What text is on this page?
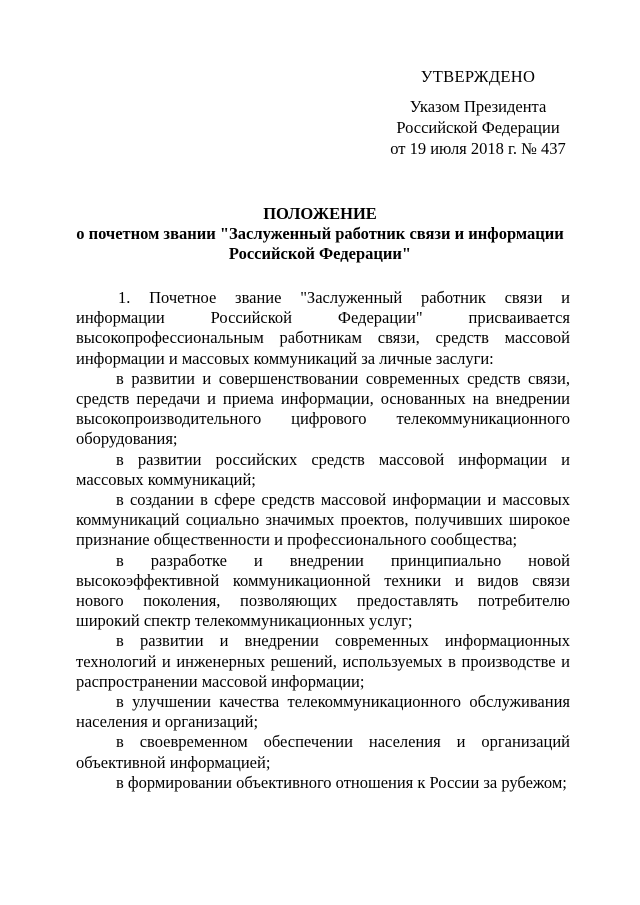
УТВЕРЖДЕНО
Указом Президента
Российской Федерации
от 19 июля 2018 г. № 437
ПОЛОЖЕНИЕ
о почетном звании "Заслуженный работник связи и информации
Российской Федерации"

1. Почетное звание "Заслуженный работник связи и информации Российской Федерации" присваивается высокопрофессиональным работникам связи, средств массовой информации и массовых коммуникаций за личные заслуги:

в развитии и совершенствовании современных средств связи, средств передачи и приема информации, основанных на внедрении высокопроизводительного цифрового телекоммуникационного оборудования;

в развитии российских средств массовой информации и массовых коммуникаций;

в создании в сфере средств массовой информации и массовых коммуникаций социально значимых проектов, получивших широкое признание общественности и профессионального сообщества;

в разработке и внедрении принципиально новой высокоэффективной коммуникационной техники и видов связи нового поколения, позволяющих предоставлять потребителю широкий спектр телекоммуникационных услуг;

в развитии и внедрении современных информационных технологий и инженерных решений, используемых в производстве и распространении массовой информации;

в улучшении качества телекоммуникационного обслуживания населения и организаций;

в своевременном обеспечении населения и организаций объективной информацией;

в формировании объективного отношения к России за рубежом;
